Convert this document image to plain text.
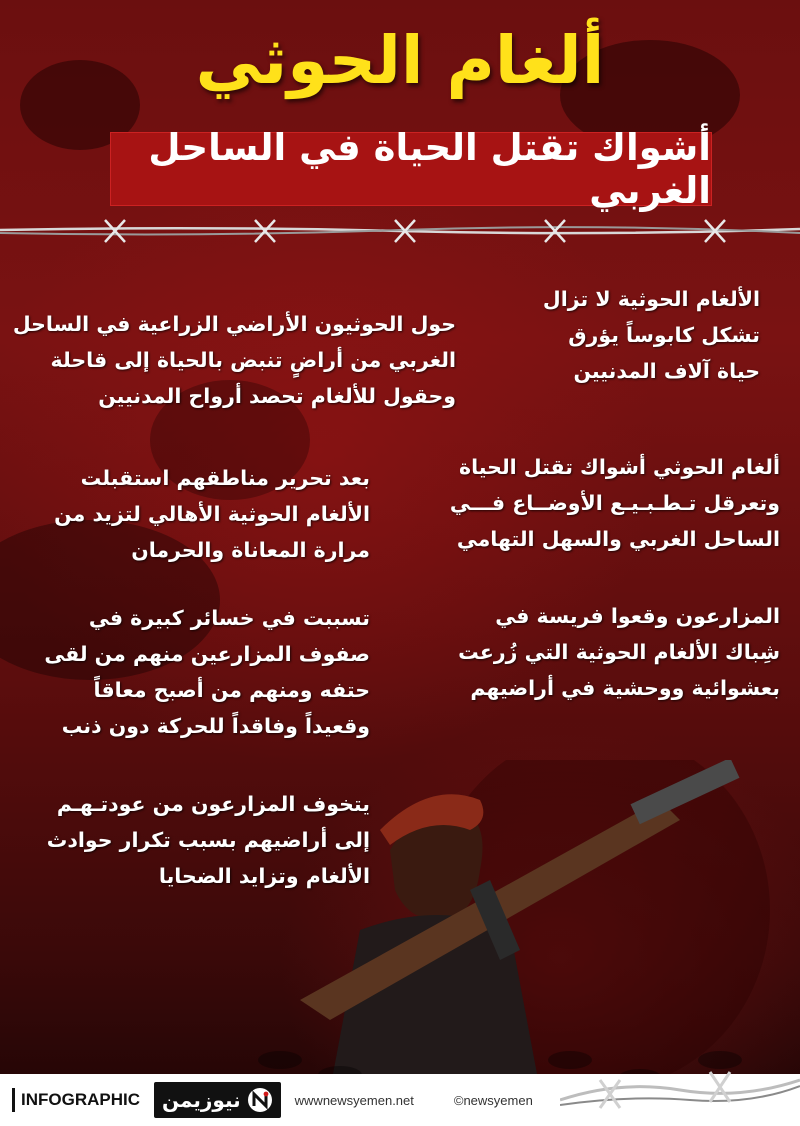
ألغام الحوثي
أشواك تقتل الحياة في الساحل الغربي

الألغام الحوثية لا تزال

تشكل كابوساً يؤرق

حياة آلاف المدنيين

حول الحوثيون الأراضي الزراعية في الساحل

الغربي من أراضٍ تنبض بالحياة إلى قاحلة

وحقول للألغام تحصد أرواح المدنيين

ألغام الحوثي أشواك تقتل الحياة

وتعرقل تـطـبـيـع الأوضــاع فـــي

الساحل الغربي والسهل التهامي

بعد تحرير مناطقهم استقبلت

الألغام الحوثية الأهالي لتزيد من

مرارة المعاناة والحرمان

المزارعون وقعوا فريسة في

شِباك الألغام الحوثية التي زُرعت

بعشوائية ووحشية في أراضيهم

تسببت في خسائر كبيرة في

صفوف المزارعين منهم من لقى

حتفه ومنهم من أصبح معاقاً

وقعيداً وفاقداً للحركة دون ذنب

يتخوف المزارعون من عودتـهـم

إلى أراضيهم بسبب تكرار حوادث

الألغام وتزايد الضحايا

INFOGRAPHIC	نيوزيمن	wwwnewsyemen.net	©newsyemen
